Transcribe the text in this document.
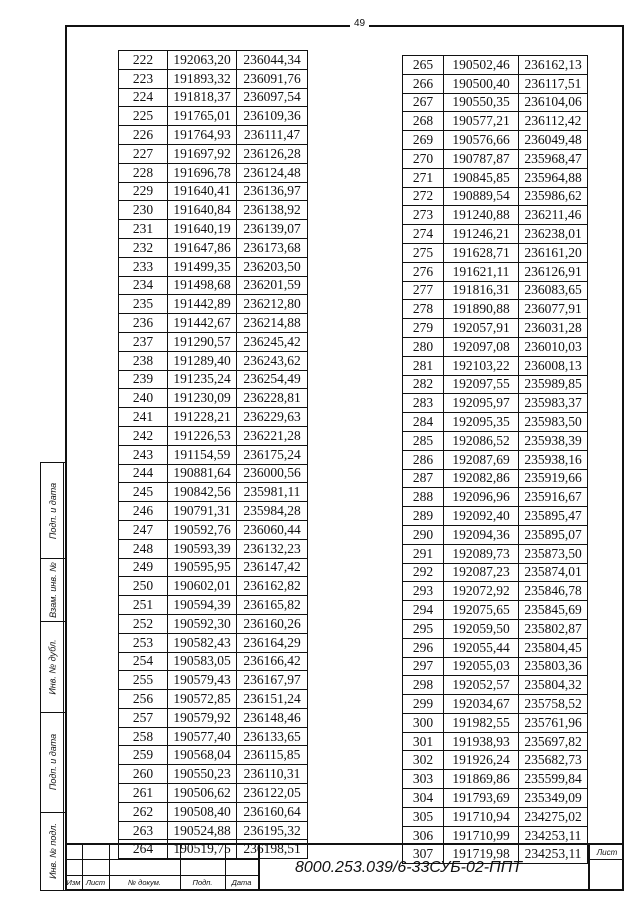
49
222	192063,20	236044,34
223	191893,32	236091,76
224	191818,37	236097,54
225	191765,01	236109,36
226	191764,93	236111,47
227	191697,92	236126,28
228	191696,78	236124,48
229	191640,41	236136,97
230	191640,84	236138,92
231	191640,19	236139,07
232	191647,86	236173,68
233	191499,35	236203,50
234	191498,68	236201,59
235	191442,89	236212,80
236	191442,67	236214,88
237	191290,57	236245,42
238	191289,40	236243,62
239	191235,24	236254,49
240	191230,09	236228,81
241	191228,21	236229,63
242	191226,53	236221,28
243	191154,59	236175,24
244	190881,64	236000,56
245	190842,56	235981,11
246	190791,31	235984,28
247	190592,76	236060,44
248	190593,39	236132,23
249	190595,95	236147,42
250	190602,01	236162,82
251	190594,39	236165,82
252	190592,30	236160,26
253	190582,43	236164,29
254	190583,05	236166,42
255	190579,43	236167,97
256	190572,85	236151,24
257	190579,92	236148,46
258	190577,40	236133,65
259	190568,04	236115,85
260	190550,23	236110,31
261	190506,62	236122,05
262	190508,40	236160,64
263	190524,88	236195,32
264	190519,75	236198,51
265	190502,46	236162,13
266	190500,40	236117,51
267	190550,35	236104,06
268	190577,21	236112,42
269	190576,66	236049,48
270	190787,87	235968,47
271	190845,85	235964,88
272	190889,54	235986,62
273	191240,88	236211,46
274	191246,21	236238,01
275	191628,71	236161,20
276	191621,11	236126,91
277	191816,31	236083,65
278	191890,88	236077,91
279	192057,91	236031,28
280	192097,08	236010,03
281	192103,22	236008,13
282	192097,55	235989,85
283	192095,97	235983,37
284	192095,35	235983,50
285	192086,52	235938,39
286	192087,69	235938,16
287	192082,86	235919,66
288	192096,96	235916,67
289	192092,40	235895,47
290	192094,36	235895,07
291	192089,73	235873,50
292	192087,23	235874,01
293	192072,92	235846,78
294	192075,65	235845,69
295	192059,50	235802,87
296	192055,44	235804,45
297	192055,03	235803,36
298	192052,57	235804,32
299	192034,67	235758,52
300	191982,55	235761,96
301	191938,93	235697,82
302	191926,24	235682,73
303	191869,86	235599,84
304	191793,69	235349,09
305	191710,94	234275,02
306	191710,99	234253,11
307	191719,98	234253,11
Подп. и дата
Взам. инв. №
Инв. № дубл.
Подп. и дата
Инв. № подл.
Изм Лист	№ докум.	Подп.	Дата
8000.253.039/6-33СУБ-02-ППТ
Лист
